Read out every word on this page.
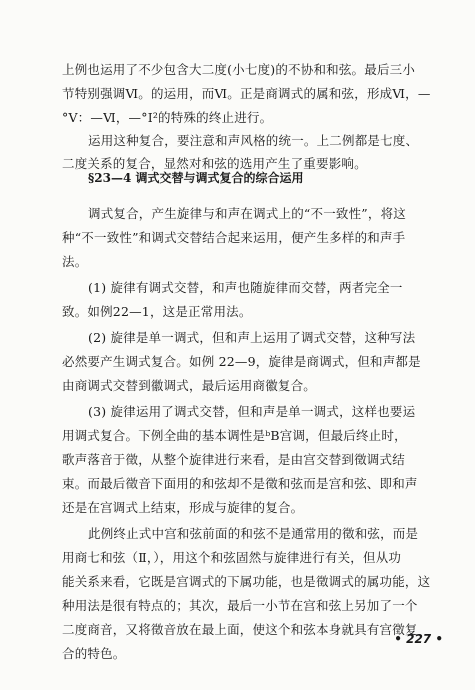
上例也运用了不少包含大二度(小七度)的不协和和弦。最后三小
节特别强调Ⅵ。的运用，而Ⅵ。正是商调式的属和弦，形成Ⅵ，—
°Ⅴ：—Ⅵ，—°Ⅰ²的特殊的终止进行。
运用这种复合，要注意和声风格的统一。上二例都是七度、
二度关系的复合，显然对和弦的选用产生了重要影响。
§23—4 调式交替与调式复合的综合运用
调式复合，产生旋律与和声在调式上的“不一致性”，将这
种“不一致性”和调式交替结合起来运用，便产生多样的和声手
法。
(1) 旋律有调式交替，和声也随旋律而交替，两者完全一
致。如例22—1，这是正常用法。
(2) 旋律是单一调式，但和声上运用了调式交替，这种写法
必然要产生调式复合。如例 22—9，旋律是商调式，但和声都是
由商调式交替到徽调式，最后运用商徽复合。
(3) 旋律运用了调式交替，但和声是单一调式，这样也要运
用调式复合。下例全曲的基本调性是ᵇB宫调，但最后终止时，
歌声落音于徵，从整个旋律进行来看，是由宫交替到徵调式结
束。而最后徵音下面用的和弦却不是徵和弦而是宫和弦、即和声
还是在宫调式上结束，形成与旋律的复合。
此例终止式中宫和弦前面的和弦不是通常用的徵和弦，而是
用商七和弦（Ⅱ，），用这个和弦固然与旋律进行有关，但从功
能关系来看，它既是宫调式的下属功能，也是徵调式的属功能，这
种用法是很有特点的；其次，最后一小节在宫和弦上另加了一个
二度商音，又将徵音放在最上面，使这个和弦本身就具有宫徵复
合的特色。
• 227 •
